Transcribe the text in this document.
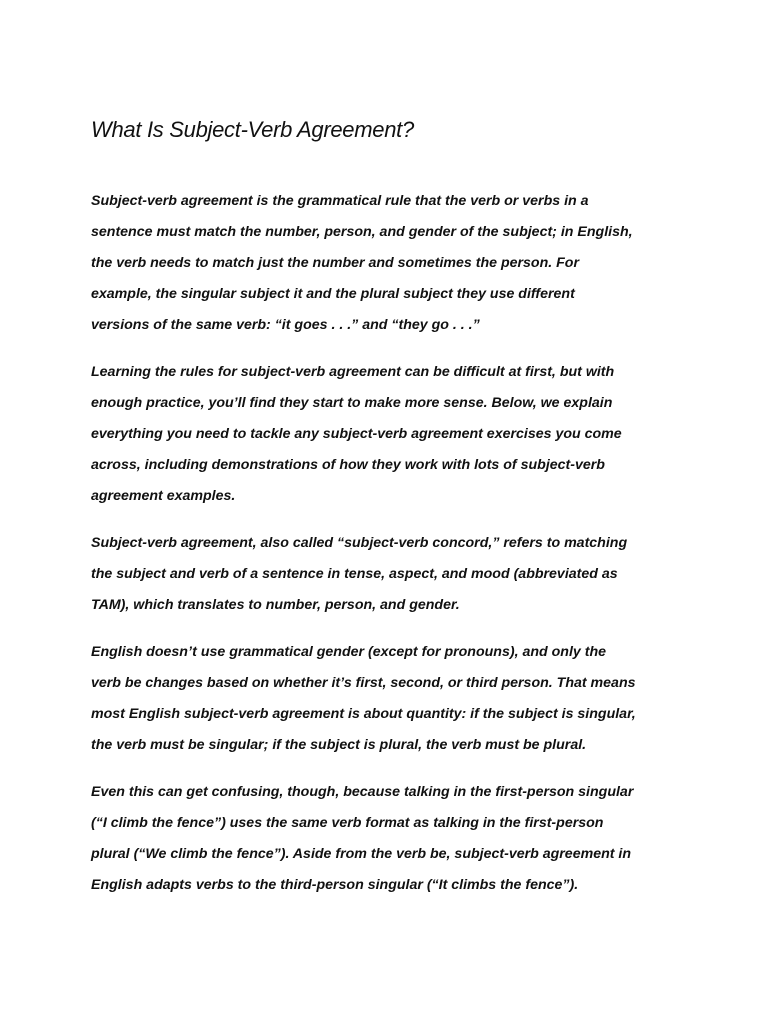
What Is Subject-Verb Agreement?

Subject-verb agreement is the grammatical rule that the verb or verbs in a
sentence must match the number, person, and gender of the subject; in English,
the verb needs to match just the number and sometimes the person. For
example, the singular subject it and the plural subject they use different
versions of the same verb: “it goes . . .” and “they go . . .”

Learning the rules for subject-verb agreement can be difficult at first, but with
enough practice, you’ll find they start to make more sense. Below, we explain
everything you need to tackle any subject-verb agreement exercises you come
across, including demonstrations of how they work with lots of subject-verb
agreement examples.

Subject-verb agreement, also called “subject-verb concord,” refers to matching
the subject and verb of a sentence in tense, aspect, and mood (abbreviated as
TAM), which translates to number, person, and gender.

English doesn’t use grammatical gender (except for pronouns), and only the
verb be changes based on whether it’s first, second, or third person. That means
most English subject-verb agreement is about quantity: if the subject is singular,
the verb must be singular; if the subject is plural, the verb must be plural.

Even this can get confusing, though, because talking in the first-person singular
(“I climb the fence”) uses the same verb format as talking in the first-person
plural (“We climb the fence”). Aside from the verb be, subject-verb agreement in
English adapts verbs to the third-person singular (“It climbs the fence”).
